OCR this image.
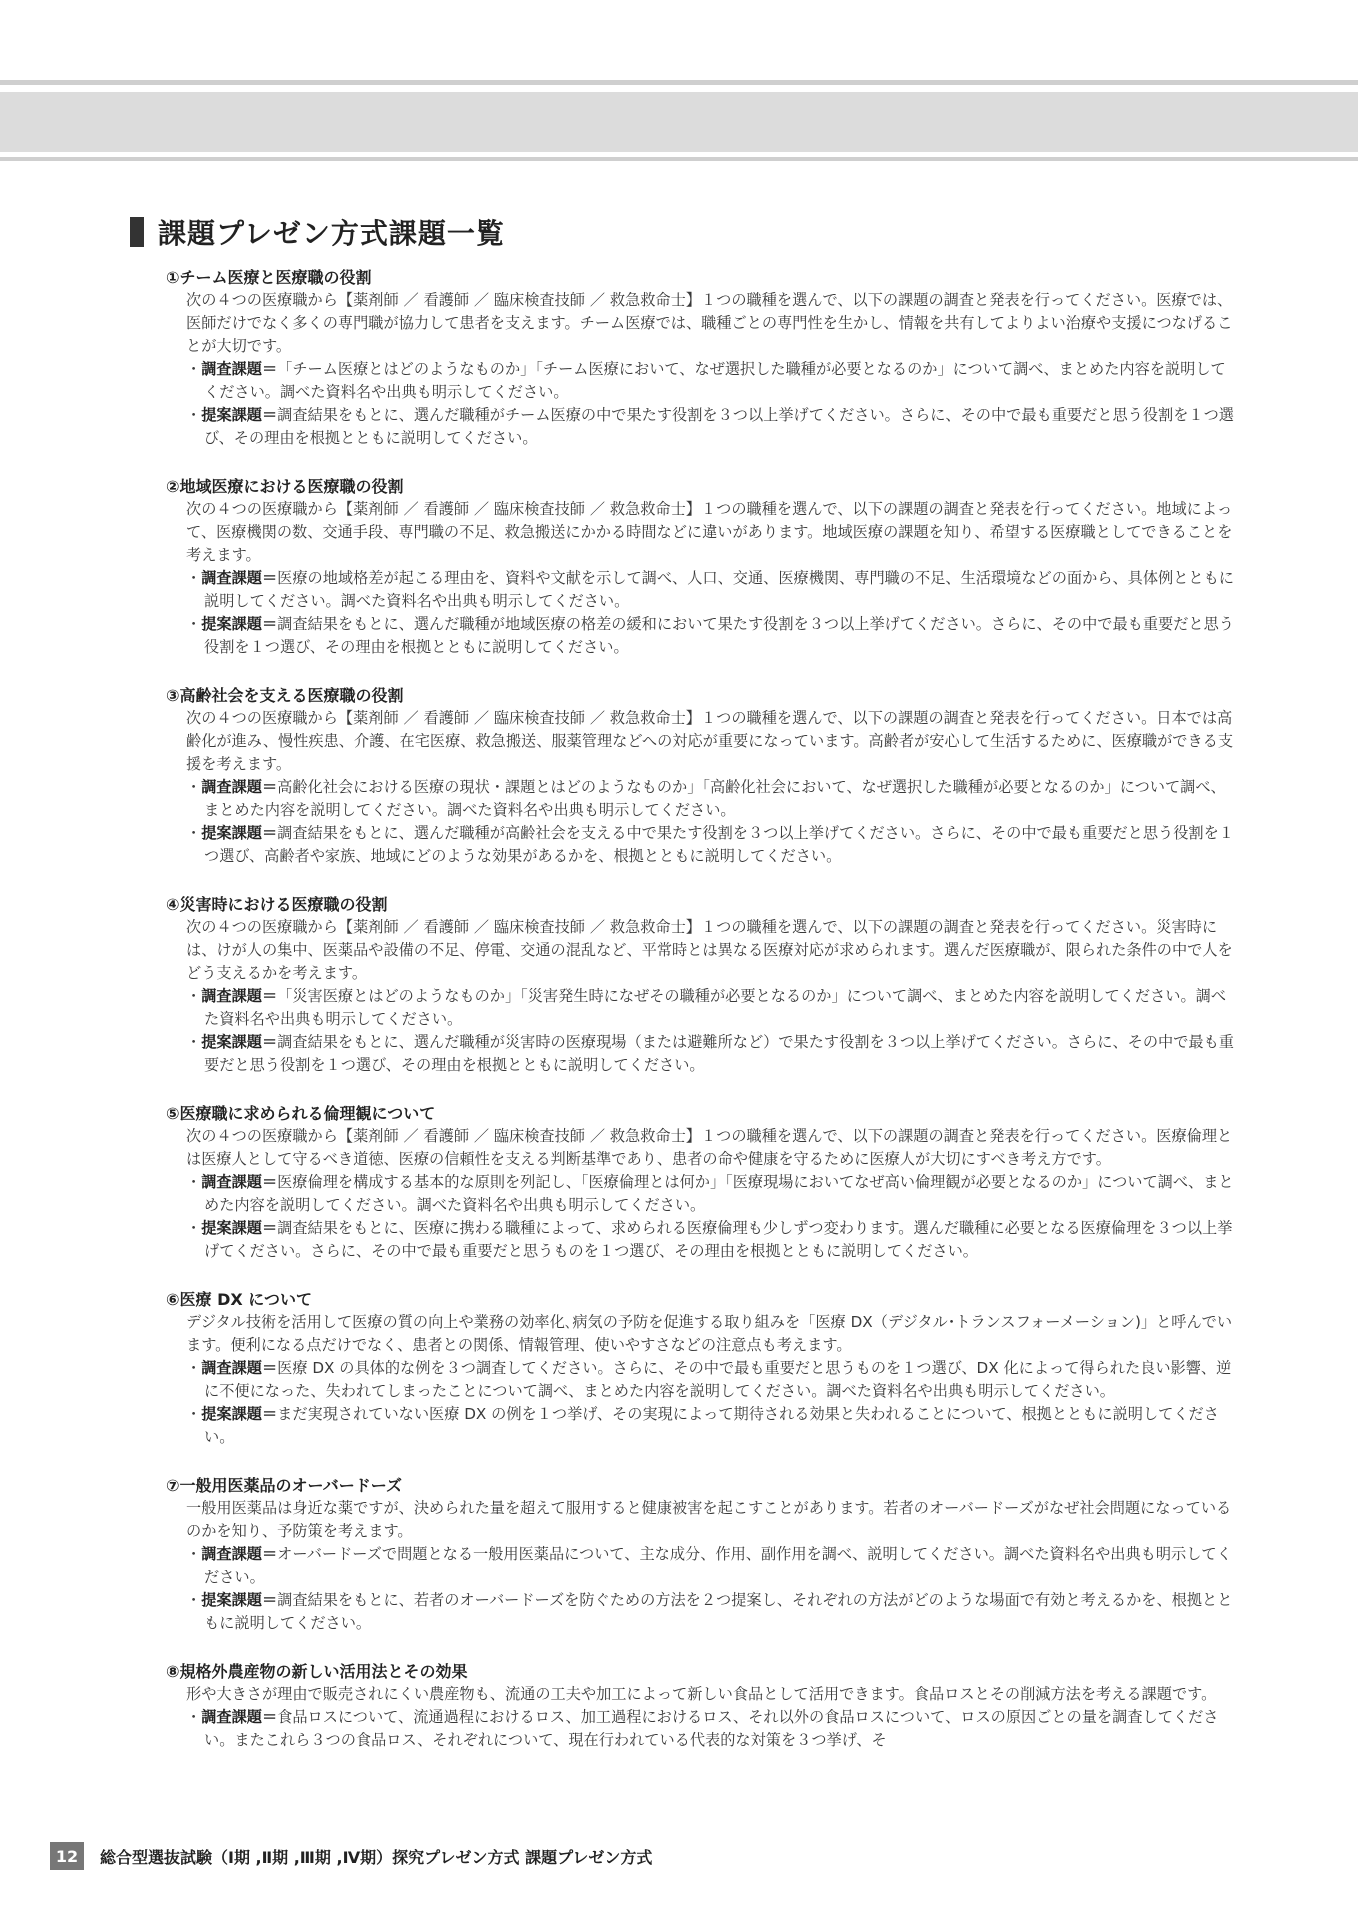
課題プレゼン方式課題一覧
①チーム医療と医療職の役割
次の４つの医療職から【薬剤師 ／ 看護師 ／ 臨床検査技師 ／ 救急救命士】１つの職種を選んで、以下の課題の調査と発表を行ってください。医療では、医師だけでなく多くの専門職が協力して患者を支えます。チーム医療では、職種ごとの専門性を生かし、情報を共有してよりよい治療や支援につなげることが大切です。
・調査課題＝「チーム医療とはどのようなものか」「チーム医療において、なぜ選択した職種が必要となるのか」について調べ、まとめた内容を説明してください。調べた資料名や出典も明示してください。
・提案課題＝調査結果をもとに、選んだ職種がチーム医療の中で果たす役割を３つ以上挙げてください。さらに、その中で最も重要だと思う役割を１つ選び、その理由を根拠とともに説明してください。
②地域医療における医療職の役割
次の４つの医療職から【薬剤師 ／ 看護師 ／ 臨床検査技師 ／ 救急救命士】１つの職種を選んで、以下の課題の調査と発表を行ってください。地域によって、医療機関の数、交通手段、専門職の不足、救急搬送にかかる時間などに違いがあります。地域医療の課題を知り、希望する医療職としてできることを考えます。
・調査課題＝医療の地域格差が起こる理由を、資料や文献を示して調べ、人口、交通、医療機関、専門職の不足、生活環境などの面から、具体例とともに説明してください。調べた資料名や出典も明示してください。
・提案課題＝調査結果をもとに、選んだ職種が地域医療の格差の緩和において果たす役割を３つ以上挙げてください。さらに、その中で最も重要だと思う役割を１つ選び、その理由を根拠とともに説明してください。
③高齢社会を支える医療職の役割
次の４つの医療職から【薬剤師 ／ 看護師 ／ 臨床検査技師 ／ 救急救命士】１つの職種を選んで、以下の課題の調査と発表を行ってください。日本では高齢化が進み、慢性疾患、介護、在宅医療、救急搬送、服薬管理などへの対応が重要になっています。高齢者が安心して生活するために、医療職ができる支援を考えます。
・調査課題＝高齢化社会における医療の現状・課題とはどのようなものか」「高齢化社会において、なぜ選択した職種が必要となるのか」について調べ、まとめた内容を説明してください。調べた資料名や出典も明示してください。
・提案課題＝調査結果をもとに、選んだ職種が高齢社会を支える中で果たす役割を３つ以上挙げてください。さらに、その中で最も重要だと思う役割を１つ選び、高齢者や家族、地域にどのような効果があるかを、根拠とともに説明してください。
④災害時における医療職の役割
次の４つの医療職から【薬剤師 ／ 看護師 ／ 臨床検査技師 ／ 救急救命士】１つの職種を選んで、以下の課題の調査と発表を行ってください。災害時には、けが人の集中、医薬品や設備の不足、停電、交通の混乱など、平常時とは異なる医療対応が求められます。選んだ医療職が、限られた条件の中で人をどう支えるかを考えます。
・調査課題＝「災害医療とはどのようなものか」「災害発生時になぜその職種が必要となるのか」について調べ、まとめた内容を説明してください。調べた資料名や出典も明示してください。
・提案課題＝調査結果をもとに、選んだ職種が災害時の医療現場（または避難所など）で果たす役割を３つ以上挙げてください。さらに、その中で最も重要だと思う役割を１つ選び、その理由を根拠とともに説明してください。
⑤医療職に求められる倫理観について
次の４つの医療職から【薬剤師 ／ 看護師 ／ 臨床検査技師 ／ 救急救命士】１つの職種を選んで、以下の課題の調査と発表を行ってください。医療倫理とは医療人として守るべき道徳、医療の信頼性を支える判断基準であり、患者の命や健康を守るために医療人が大切にすべき考え方です。
・調査課題＝医療倫理を構成する基本的な原則を列記し、「医療倫理とは何か」「医療現場においてなぜ高い倫理観が必要となるのか」について調べ、まとめた内容を説明してください。調べた資料名や出典も明示してください。
・提案課題＝調査結果をもとに、医療に携わる職種によって、求められる医療倫理も少しずつ変わります。選んだ職種に必要となる医療倫理を３つ以上挙げてください。さらに、その中で最も重要だと思うものを１つ選び、その理由を根拠とともに説明してください。
⑥医療 DX について
デジタル技術を活用して医療の質の向上や業務の効率化､病気の予防を促進する取り組みを「医療 DX（デジタル･トランスフォーメーション)」と呼んでいます。便利になる点だけでなく、患者との関係、情報管理、使いやすさなどの注意点も考えます。
・調査課題＝医療 DX の具体的な例を３つ調査してください。さらに、その中で最も重要だと思うものを１つ選び、DX 化によって得られた良い影響、逆に不便になった、失われてしまったことについて調べ、まとめた内容を説明してください。調べた資料名や出典も明示してください。
・提案課題＝まだ実現されていない医療 DX の例を１つ挙げ、その実現によって期待される効果と失われることについて、根拠とともに説明してください。
⑦一般用医薬品のオーバードーズ
一般用医薬品は身近な薬ですが、決められた量を超えて服用すると健康被害を起こすことがあります。若者のオーバードーズがなぜ社会問題になっているのかを知り、予防策を考えます。
・調査課題＝オーバードーズで問題となる一般用医薬品について、主な成分、作用、副作用を調べ、説明してください。調べた資料名や出典も明示してください。
・提案課題＝調査結果をもとに、若者のオーバードーズを防ぐための方法を２つ提案し、それぞれの方法がどのような場面で有効と考えるかを、根拠とともに説明してください。
⑧規格外農産物の新しい活用法とその効果
形や大きさが理由で販売されにくい農産物も、流通の工夫や加工によって新しい食品として活用できます。食品ロスとその削減方法を考える課題です。
・調査課題＝食品ロスについて、流通過程におけるロス、加工過程におけるロス、それ以外の食品ロスについて、ロスの原因ごとの量を調査してください。またこれら３つの食品ロス、それぞれについて、現在行われている代表的な対策を３つ挙げ、そ
12	総合型選抜試験（Ⅰ期 ,Ⅱ期 ,Ⅲ期 ,Ⅳ期）探究プレゼン方式 課題プレゼン方式
